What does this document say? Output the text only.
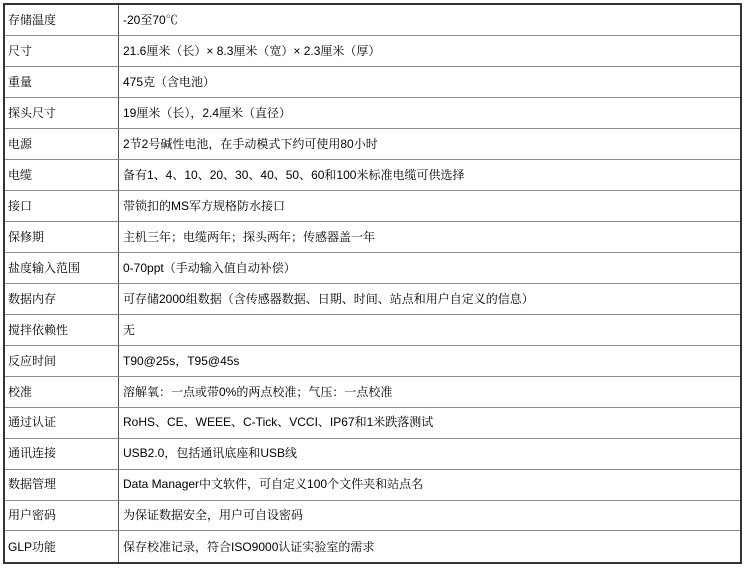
存储温度	-20至70℃
尺寸	21.6厘米（长）× 8.3厘米（宽）× 2.3厘米（厚）
重量	475克（含电池）
探头尺寸	19厘米（长），2.4厘米（直径）
电源	2节2号碱性电池，在手动模式下约可使用80小时
电缆	备有1、4、10、20、30、40、50、60和100米标准电缆可供选择
接口	带锁扣的MS军方规格防水接口
保修期	主机三年；电缆两年；探头两年；传感器盖一年
盐度输入范围	0-70ppt（手动输入值自动补偿）
数据内存	可存储2000组数据（含传感器数据、日期、时间、站点和用户自定义的信息）
搅拌依赖性	无
反应时间	T90@25s，T95@45s
校准	溶解氧：一点或带0%的两点校准；气压：一点校准
通过认证	RoHS、CE、WEEE、C-Tick、VCCI、IP67和1米跌落测试
通讯连接	USB2.0，包括通讯底座和USB线
数据管理	Data Manager中文软件，可自定义100个文件夹和站点名
用户密码	为保证数据安全，用户可自设密码
GLP功能	保存校准记录，符合ISO9000认证实验室的需求
